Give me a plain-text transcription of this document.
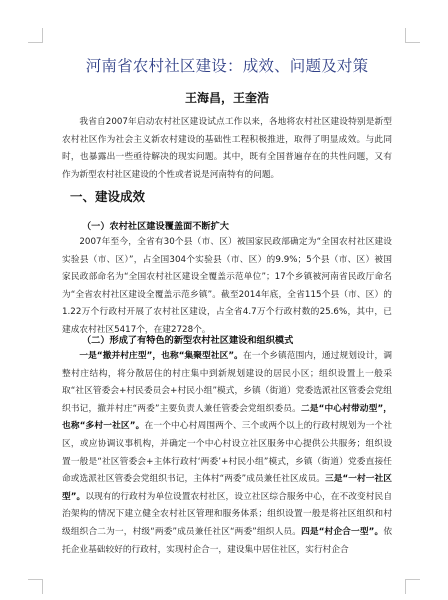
河南省农村社区建设：成效、问题及对策
王海昌，王奎浩
我省自2007年启动农村社区建设试点工作以来，各地将农村社区建设特别是新型农村社区作为社会主义新农村建设的基础性工程积极推进，取得了明显成效。与此同时，也暴露出一些亟待解决的现实问题。其中，既有全国普遍存在的共性问题，又有作为新型农村社区建设的个性或者说是河南特有的问题。
一、建设成效
（一）农村社区建设覆盖面不断扩大
2007年至今，全省有30个县（市、区）被国家民政部确定为“全国农村社区建设实验县（市、区）”，占全国304个实验县（市、区）的9.9%；5个县（市、区）被国家民政部命名为“全国农村社区建设全覆盖示范单位”；17个乡镇被河南省民政厅命名为“全省农村社区建设全覆盖示范乡镇”。截至2014年底，全省115个县（市、区）的1.22万个行政村开展了农村社区建设，占全省4.7万个行政村数的25.6%，其中，已建成农村社区5417个，在建2728个。
（二）形成了有特色的新型农村社区建设和组织模式
一是“撤并村庄型”，也称“集聚型社区”。在一个乡镇范围内，通过规划设计，调整村庄结构，将分散居住的村庄集中到新规划建设的居民小区；组织设置上一般采取“社区管委会+村民委员会+村民小组”模式，乡镇（街道）党委选派社区管委会党组织书记，撤并村庄“两委”主要负责人兼任管委会党组织委员。二是“中心村带动型”，也称“多村一社区”。在一个中心村周围两个、三个或两个以上的行政村规划为一个社区，或应协调议事机构，并确定一个中心村设立社区服务中心提供公共服务；组织设置一般是“社区管委会+主体行政村‘两委’+村民小组”模式，乡镇（街道）党委直接任命或选派社区管委会党组织书记，主体村“两委”成员兼任社区成员。三是“一村一社区型”。以现有的行政村为单位设置农村社区，设立社区综合服务中心，在不改变村民自治架构的情况下建立健全农村社区管理和服务体系；组织设置一般是将社区组织和村级组织合二为一，村级“两委”成员兼任社区“两委”组织人员。四是“村企合一型”。依托企业基础较好的行政村，实现村企合一，建设集中居住社区，实行村企合
